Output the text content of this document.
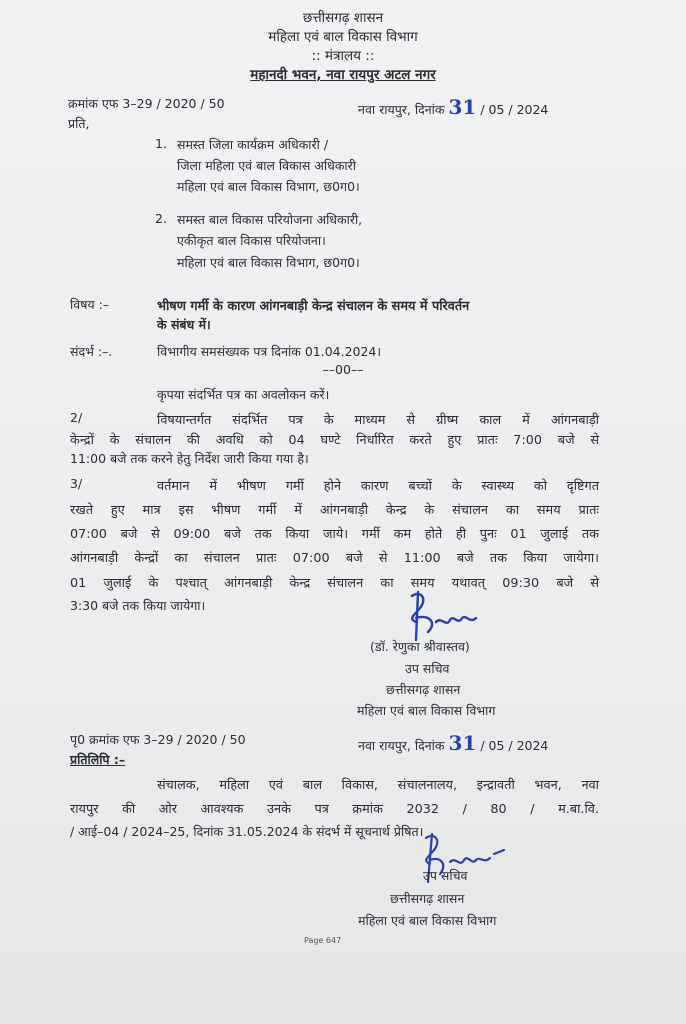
छत्तीसगढ़ शासन
महिला एवं बाल विकास विभाग
:: मंत्रालय ::
महानदी भवन, नवा रायपुर अटल नगर
क्रमांक एफ 3–29 / 2020 / 50	नवा रायपुर, दिनांक 31 / 05 / 2024
प्रति,
1. समस्त जिला कार्यक्रम अधिकारी /
जिला महिला एवं बाल विकास अधिकारी
महिला एवं बाल विकास विभाग, छ0ग0।
2. समस्त बाल विकास परियोजना अधिकारी,
एकीकृत बाल विकास परियोजना।
महिला एवं बाल विकास विभाग, छ0ग0।
विषय :–	भीषण गर्मी के कारण आंगनबाड़ी केन्द्र संचालन के समय में परिवर्तन
के संबंध में।
संदर्भ :–.	विभागीय समसंख्यक पत्र दिनांक 01.04.2024।
––00––
कृपया संदर्भित पत्र का अवलोकन करें।
2/	विषयान्तर्गत संदर्भित पत्र के माध्यम से ग्रीष्म काल में आंगनबाड़ी
केन्द्रों के संचालन की अवधि को 04 घण्टे निर्धारित करते हुए प्रातः 7:00 बजे से
11:00 बजे तक करने हेतु निर्देश जारी किया गया है।
3/	वर्तमान में भीषण गर्मी होने कारण बच्चों के स्वास्थ्य को दृष्टिगत
रखते हुए मात्र इस भीषण गर्मी में आंगनबाड़ी केन्द्र के संचालन का समय प्रातः
07:00 बजे से 09:00 बजे तक किया जाये। गर्मी कम होते ही पुनः 01 जुलाई तक
आंगनबाड़ी केन्द्रों का संचालन प्रातः 07:00 बजे से 11:00 बजे तक किया जायेगा।
01 जुलाई के पश्चात् आंगनबाड़ी केन्द्र संचालन का समय यथावत् 09:30 बजे से
3:30 बजे तक किया जायेगा।
(डॉ. रेणुका श्रीवास्तव)
उप सचिव
छत्तीसगढ़ शासन
महिला एवं बाल विकास विभाग
पृ0 क्रमांक एफ 3–29 / 2020 / 50	नवा रायपुर, दिनांक 31 / 05 / 2024
प्रतिलिपि :–
संचालक, महिला एवं बाल विकास, संचालनालय, इन्द्रावती भवन, नवा
रायपुर की ओर आवश्यक उनके पत्र क्रमांक 2032 / 80 / म.बा.वि.
/ आई–04 / 2024–25, दिनांक 31.05.2024 के संदर्भ में सूचनार्थ प्रेषित।
उप सचिव
छत्तीसगढ़ शासन
महिला एवं बाल विकास विभाग
Page 647
